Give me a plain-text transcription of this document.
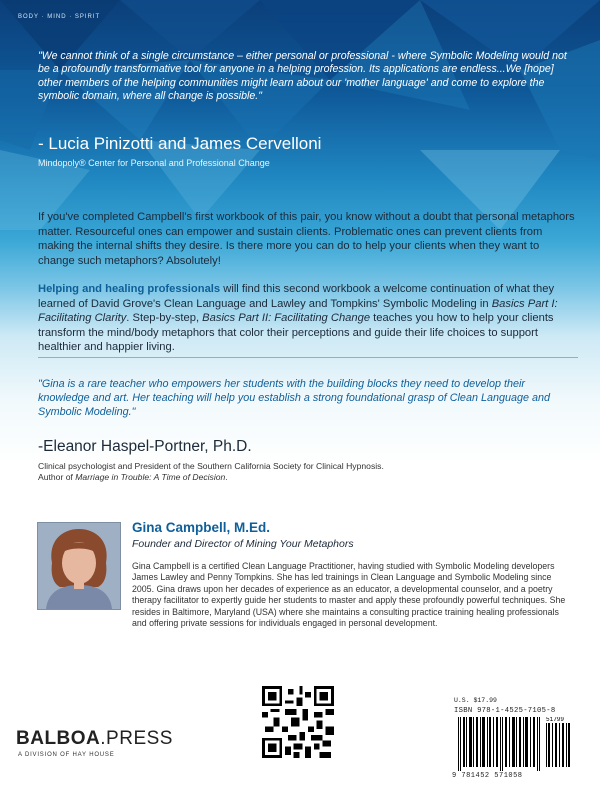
BODY · MIND · SPIRIT
"We cannot think of a single circumstance – either personal or professional - where Symbolic Modeling would not be a profoundly transformative tool for anyone in a helping profession. Its applications are endless...We [hope] other members of the helping communities might learn about our 'mother language' and come to explore the symbolic domain, where all change is possible."
- Lucia Pinizotti and James Cervelloni
Mindopoly® Center for Personal and Professional Change
If you've completed Campbell's first workbook of this pair, you know without a doubt that personal metaphors matter. Resourceful ones can empower and sustain clients. Problematic ones can prevent clients from making the internal shifts they desire. Is there more you can do to help your clients when they want to change such metaphors? Absolutely!
Helping and healing professionals will find this second workbook a welcome continuation of what they learned of David Grove's Clean Language and Lawley and Tompkins' Symbolic Modeling in Basics Part I: Facilitating Clarity. Step-by-step, Basics Part II: Facilitating Change teaches you how to help your clients transform the mind/body metaphors that color their perceptions and guide their life choices to support healthier and happier living.
"Gina is a rare teacher who empowers her students with the building blocks they need to develop their knowledge and art. Her teaching will help you establish a strong foundational grasp of Clean Language and Symbolic Modeling."
-Eleanor Haspel-Portner, Ph.D.
Clinical psychologist and President of the Southern California Society for Clinical Hypnosis.
Author of Marriage in Trouble: A Time of Decision.
Gina Campbell, M.Ed.
Founder and Director of Mining Your Metaphors
Gina Campbell is a certified Clean Language Practitioner, having studied with Symbolic Modeling developers James Lawley and Penny Tompkins. She has led trainings in Clean Language and Symbolic Modeling since 2005. Gina draws upon her decades of experience as an educator, a developmental counselor, and a poetry therapy facilitator to expertly guide her students to master and apply these profoundly powerful techniques. She resides in Baltimore, Maryland (USA) where she maintains a consulting practice training healing professionals and offering private sessions for individuals engaged in personal development.
BALBOA.PRESS
A DIVISION OF HAY HOUSE
U.S. $17.99
ISBN 978-1-4525-7105-8
51799
9 781452 571058
